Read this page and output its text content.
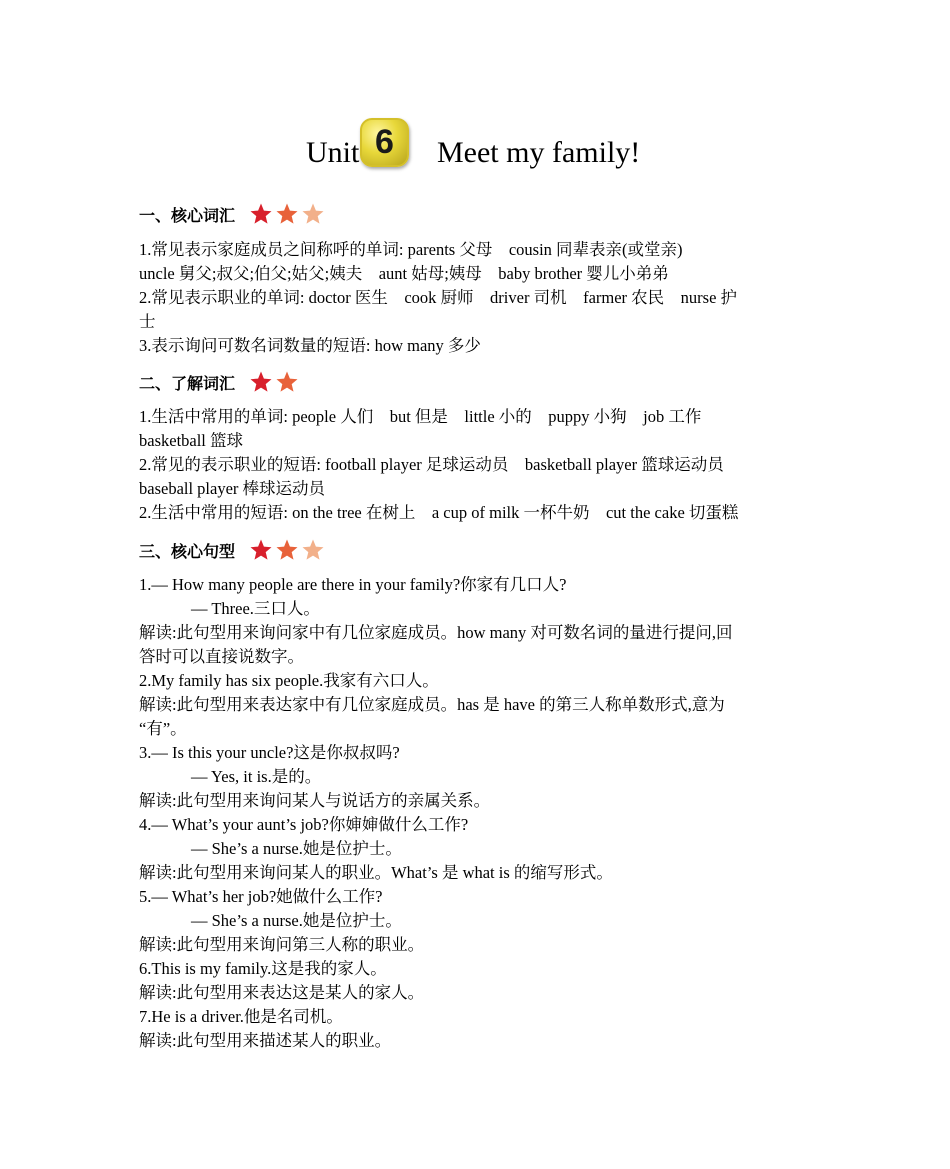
Unit 6 Meet my family!
一、核心词汇
1.常见表示家庭成员之间称呼的单词: parents 父母　cousin 同辈表亲(或堂亲)
uncle 舅父;叔父;伯父;姑父;姨夫　aunt 姑母;姨母　baby brother 婴儿小弟弟
2.常见表示职业的单词: doctor 医生　cook 厨师　driver 司机　farmer 农民　nurse 护
士
3.表示询问可数名词数量的短语: how many 多少
二、了解词汇
1.生活中常用的单词: people 人们　but 但是　little 小的　puppy 小狗　job 工作
basketball 篮球
2.常见的表示职业的短语: football player 足球运动员　basketball player 篮球运动员
baseball player 棒球运动员
2.生活中常用的短语: on the tree 在树上　a cup of milk 一杯牛奶　cut the cake 切蛋糕
三、核心句型
1.— How many people are there in your family?你家有几口人?
— Three.三口人。
解读:此句型用来询问家中有几位家庭成员。how many 对可数名词的量进行提问,回
答时可以直接说数字。
2.My family has six people.我家有六口人。
解读:此句型用来表达家中有几位家庭成员。has 是 have 的第三人称单数形式,意为
“有”。
3.— Is this your uncle?这是你叔叔吗?
— Yes, it is.是的。
解读:此句型用来询问某人与说话方的亲属关系。
4.— What’s your aunt’s job?你婶婶做什么工作?
— She’s a nurse.她是位护士。
解读:此句型用来询问某人的职业。What’s 是 what is 的缩写形式。
5.— What’s her job?她做什么工作?
— She’s a nurse.她是位护士。
解读:此句型用来询问第三人称的职业。
6.This is my family.这是我的家人。
解读:此句型用来表达这是某人的家人。
7.He is a driver.他是名司机。
解读:此句型用来描述某人的职业。
